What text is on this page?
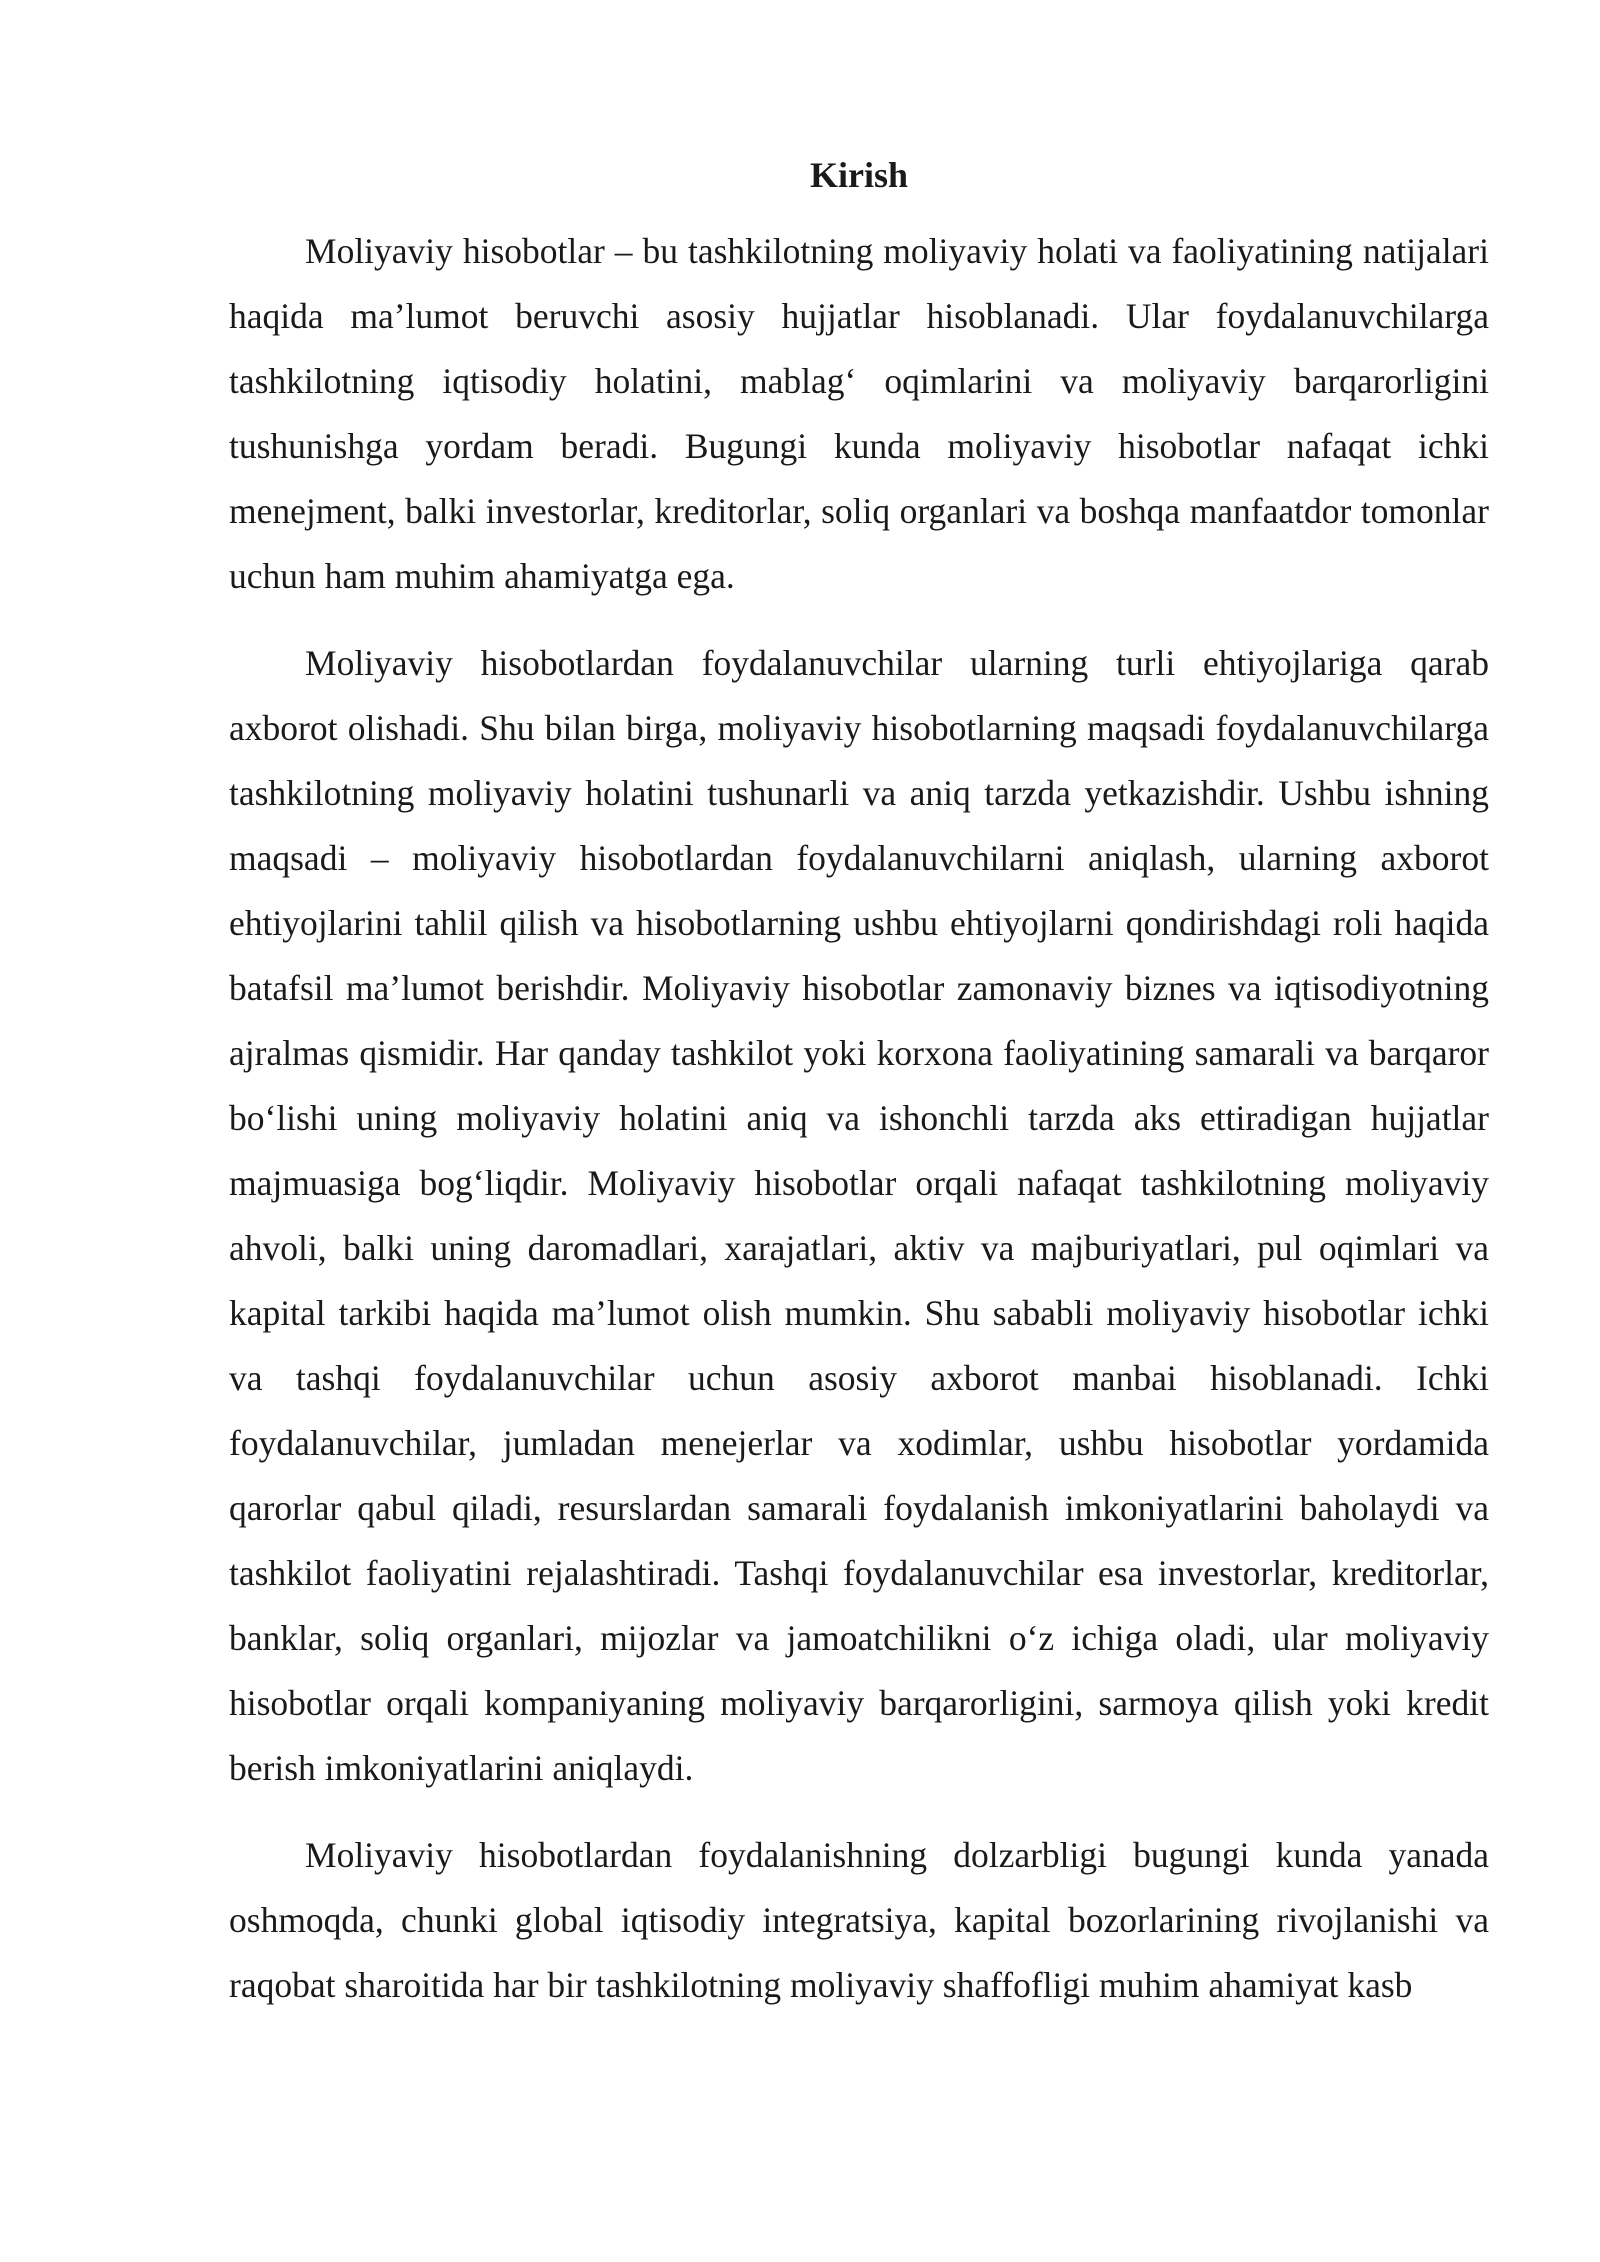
Kirish

Moliyaviy hisobotlar – bu tashkilotning moliyaviy holati va faoliyatining natijalari haqida ma’lumot beruvchi asosiy hujjatlar hisoblanadi. Ular foydalanuvchilarga tashkilotning iqtisodiy holatini, mablag‘ oqimlarini va moliyaviy barqarorligini tushunishga yordam beradi. Bugungi kunda moliyaviy hisobotlar nafaqat ichki menejment, balki investorlar, kreditorlar, soliq organlari va boshqa manfaatdor tomonlar uchun ham muhim ahamiyatga ega.

Moliyaviy hisobotlardan foydalanuvchilar ularning turli ehtiyojlariga qarab axborot olishadi. Shu bilan birga, moliyaviy hisobotlarning maqsadi foydalanuvchilarga tashkilotning moliyaviy holatini tushunarli va aniq tarzda yetkazishdir. Ushbu ishning maqsadi – moliyaviy hisobotlardan foydalanuvchilarni aniqlash, ularning axborot ehtiyojlarini tahlil qilish va hisobotlarning ushbu ehtiyojlarni qondirishdagi roli haqida batafsil ma’lumot berishdir. Moliyaviy hisobotlar zamonaviy biznes va iqtisodiyotning ajralmas qismidir. Har qanday tashkilot yoki korxona faoliyatining samarali va barqaror bo‘lishi uning moliyaviy holatini aniq va ishonchli tarzda aks ettiradigan hujjatlar majmuasiga bog‘liqdir. Moliyaviy hisobotlar orqali nafaqat tashkilotning moliyaviy ahvoli, balki uning daromadlari, xarajatlari, aktiv va majburiyatlari, pul oqimlari va kapital tarkibi haqida ma’lumot olish mumkin. Shu sababli moliyaviy hisobotlar ichki va tashqi foydalanuvchilar uchun asosiy axborot manbai hisoblanadi. Ichki foydalanuvchilar, jumladan menejerlar va xodimlar, ushbu hisobotlar yordamida qarorlar qabul qiladi, resurslardan samarali foydalanish imkoniyatlarini baholaydi va tashkilot faoliyatini rejalashtiradi. Tashqi foydalanuvchilar esa investorlar, kreditorlar, banklar, soliq organlari, mijozlar va jamoatchilikni o‘z ichiga oladi, ular moliyaviy hisobotlar orqali kompaniyaning moliyaviy barqarorligini, sarmoya qilish yoki kredit berish imkoniyatlarini aniqlaydi.

Moliyaviy hisobotlardan foydalanishning dolzarbligi bugungi kunda yanada oshmoqda, chunki global iqtisodiy integratsiya, kapital bozorlarining rivojlanishi va raqobat sharoitida har bir tashkilotning moliyaviy shaffofligi muhim ahamiyat kasb
